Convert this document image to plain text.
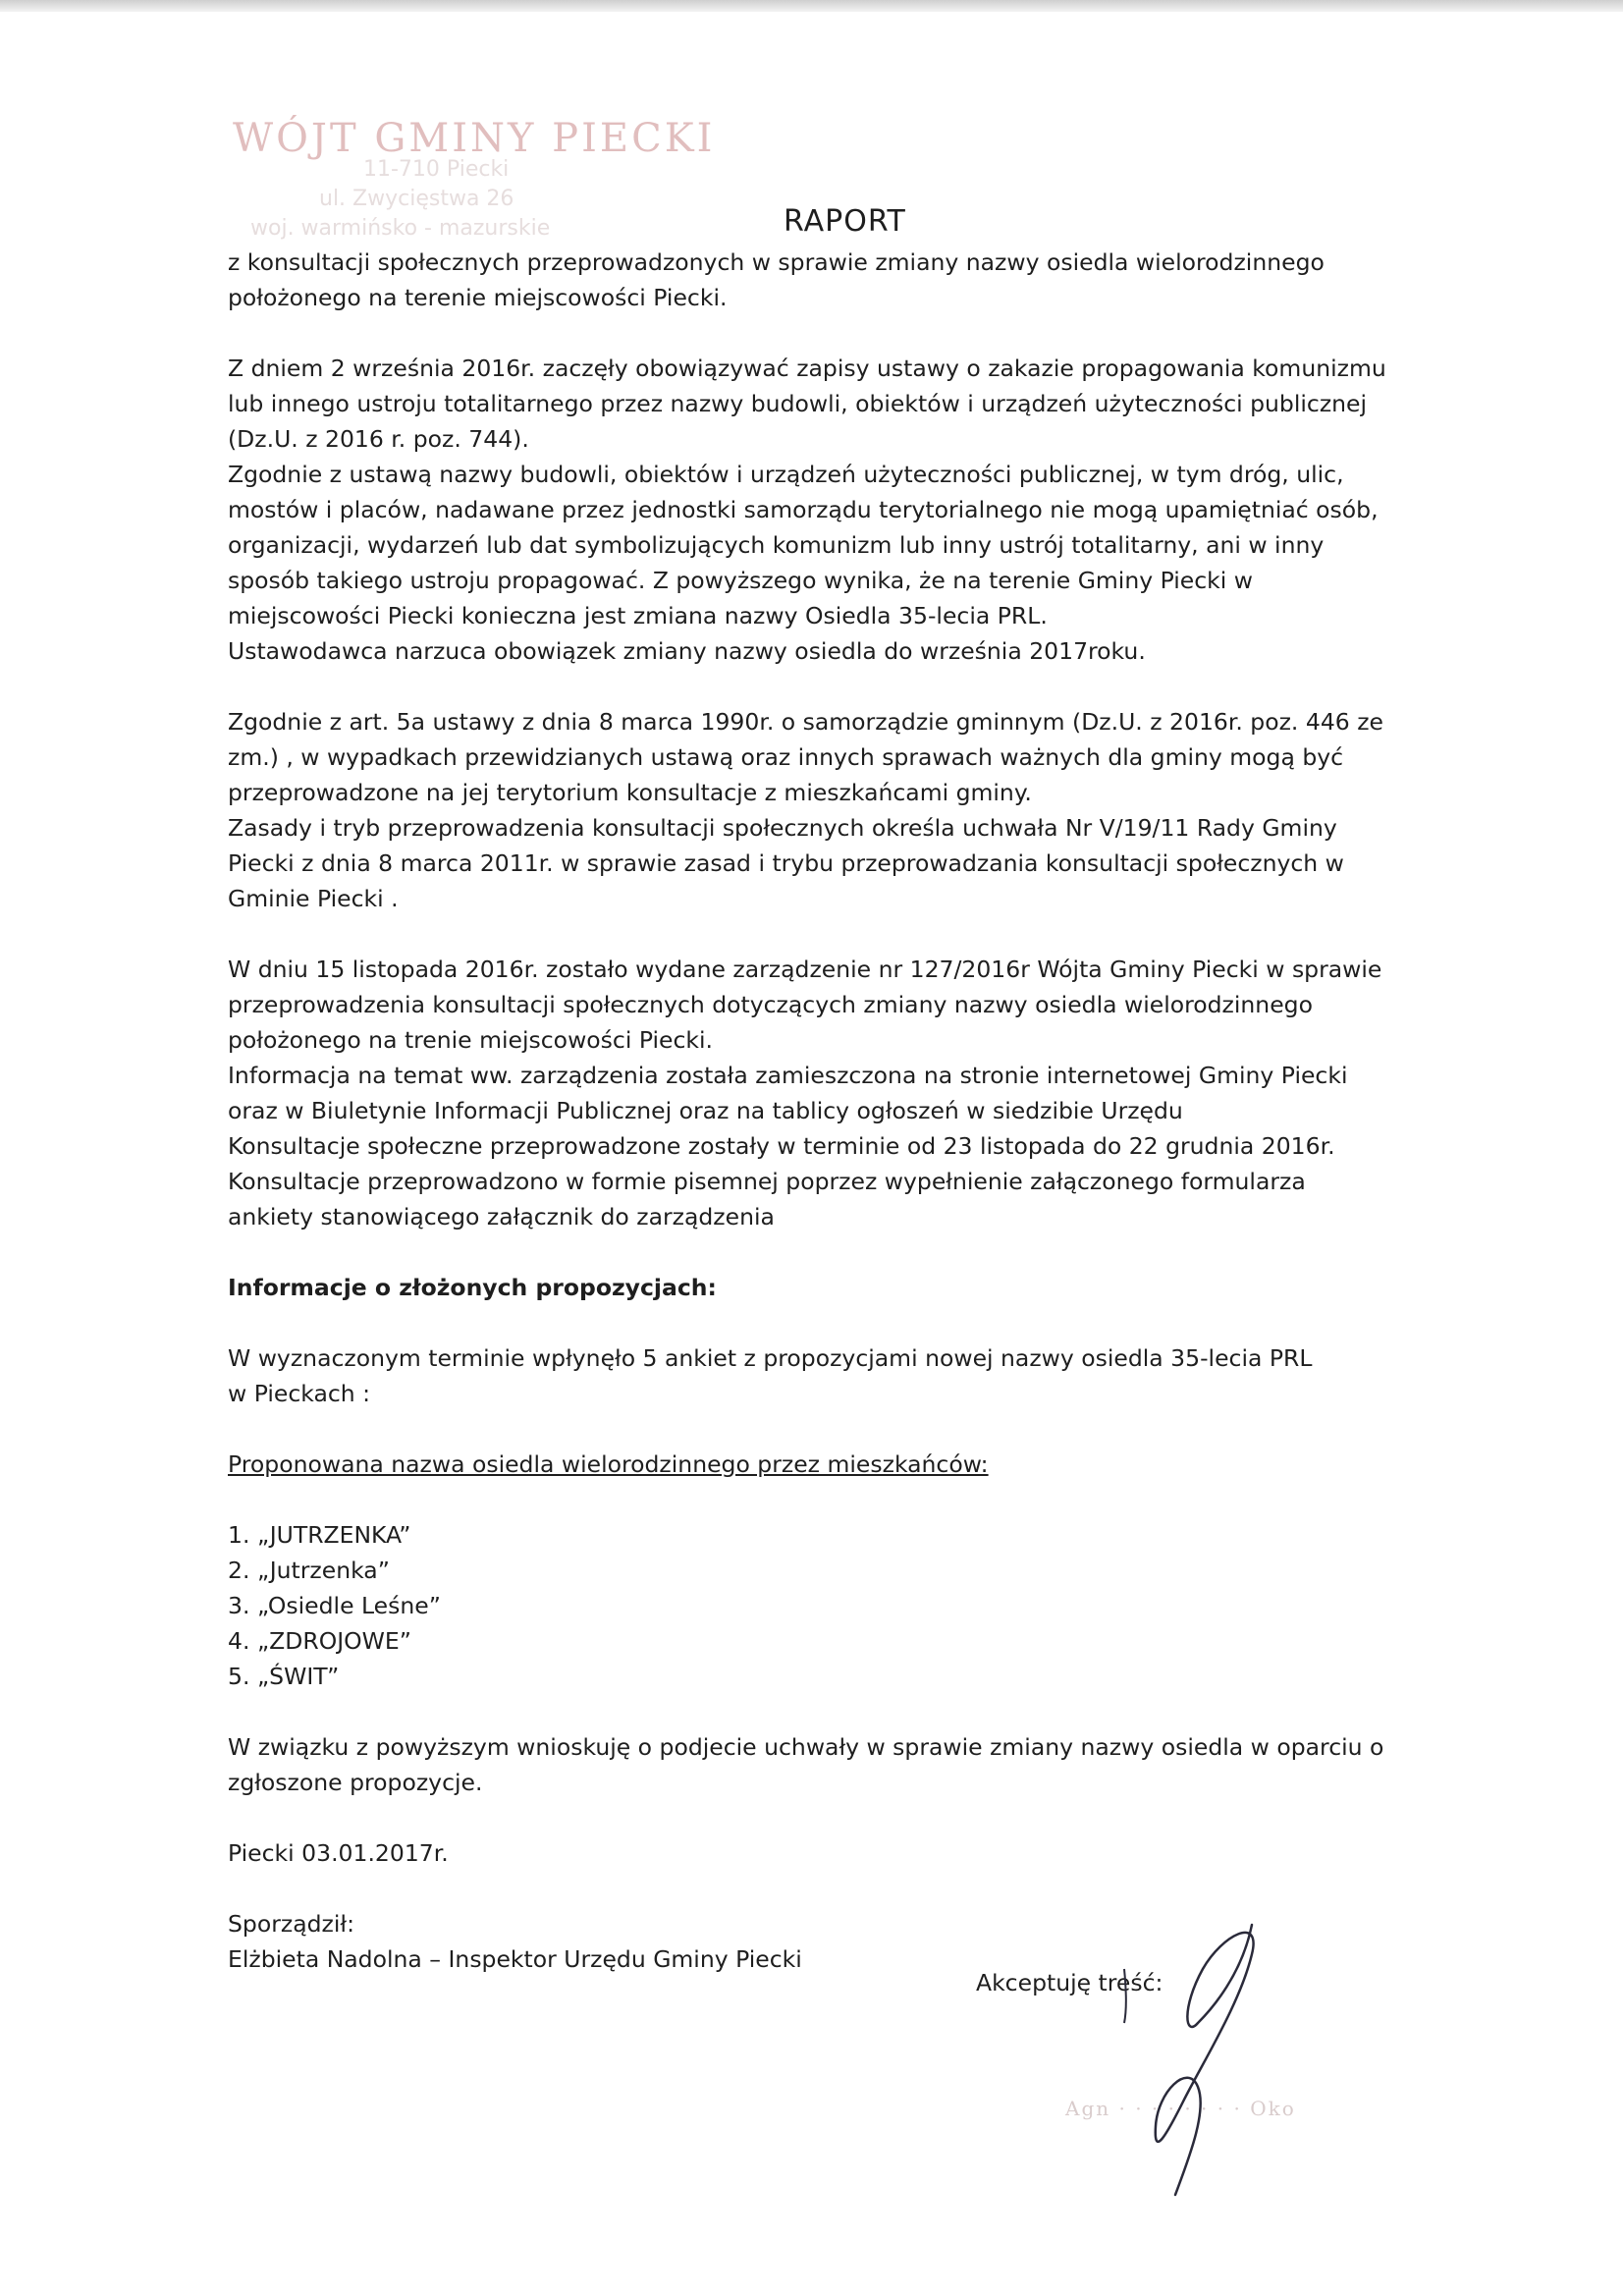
WÓJT GMINY PIECKI
11-710 Piecki
ul. Zwycięstwa 26
woj. warmińsko - mazurskie	RAPORT

z konsultacji społecznych przeprowadzonych w sprawie zmiany nazwy osiedla wielorodzinnego
położonego na terenie miejscowości Piecki.

Z dniem 2 września 2016r. zaczęły obowiązywać zapisy ustawy o zakazie propagowania komunizmu
lub innego ustroju totalitarnego przez nazwy budowli, obiektów i urządzeń użyteczności publicznej
(Dz.U. z 2016 r. poz. 744).
Zgodnie z ustawą nazwy budowli, obiektów i urządzeń użyteczności publicznej, w tym dróg, ulic,
mostów i placów, nadawane przez jednostki samorządu terytorialnego nie mogą upamiętniać osób,
organizacji, wydarzeń lub dat symbolizujących komunizm lub inny ustrój totalitarny, ani w inny
sposób takiego ustroju propagować. Z powyższego wynika, że na terenie Gminy Piecki w
miejscowości Piecki konieczna jest zmiana nazwy Osiedla 35-lecia PRL.
Ustawodawca narzuca obowiązek zmiany nazwy osiedla do września 2017roku.

Zgodnie z art. 5a ustawy z dnia 8 marca 1990r. o samorządzie gminnym (Dz.U. z 2016r. poz. 446 ze
zm.) , w wypadkach przewidzianych ustawą oraz innych sprawach ważnych dla gminy mogą być
przeprowadzone na jej terytorium konsultacje z mieszkańcami gminy.
Zasady i tryb przeprowadzenia konsultacji społecznych określa uchwała Nr V/19/11 Rady Gminy
Piecki z dnia 8 marca 2011r. w sprawie zasad i trybu przeprowadzania konsultacji społecznych w
Gminie Piecki .

W dniu 15 listopada 2016r. zostało wydane zarządzenie nr 127/2016r Wójta Gminy Piecki w sprawie
przeprowadzenia konsultacji społecznych dotyczących zmiany nazwy osiedla wielorodzinnego
położonego na trenie miejscowości Piecki.
Informacja na temat ww. zarządzenia została zamieszczona na stronie internetowej Gminy Piecki
oraz w Biuletynie Informacji Publicznej oraz na tablicy ogłoszeń w siedzibie Urzędu
Konsultacje społeczne przeprowadzone zostały w terminie od 23 listopada do 22 grudnia 2016r.
Konsultacje przeprowadzono w formie pisemnej poprzez wypełnienie załączonego formularza
ankiety stanowiącego załącznik do zarządzenia

Informacje o złożonych propozycjach:

W wyznaczonym terminie wpłynęło 5 ankiet z propozycjami nowej nazwy osiedla 35-lecia PRL
w Pieckach :

Proponowana nazwa osiedla wielorodzinnego przez mieszkańców:

1. „JUTRZENKA”
2. „Jutrzenka”
3. „Osiedle Leśne”
4. „ZDROJOWE”
5. „ŚWIT”

W związku z powyższym wnioskuję o podjecie uchwały w sprawie zmiany nazwy osiedla w oparciu o
zgłoszone propozycje.

Piecki 03.01.2017r.

Sporządził:

Elżbieta Nadolna – Inspektor Urzędu Gminy Piecki

Akceptuję treść:
Agn · · · · · · · · Oko
